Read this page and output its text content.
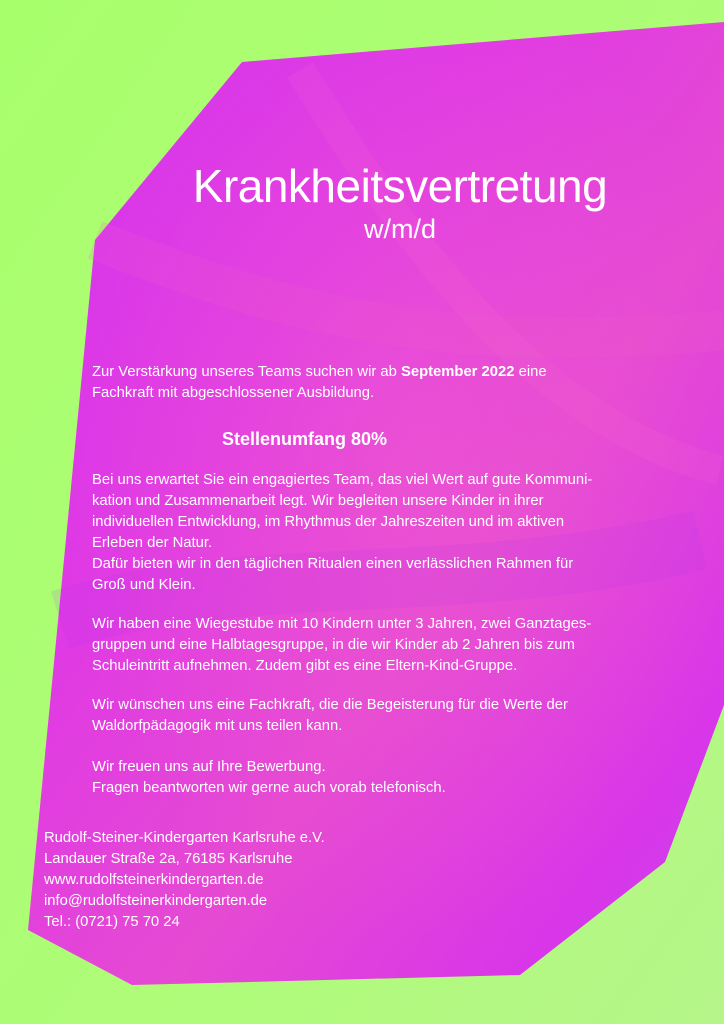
Krankheitsvertretung
w/m/d
Zur Verstärkung unseres Teams suchen wir ab September 2022 eine
Fachkraft mit abgeschlossener Ausbildung.
Stellenumfang 80%
Bei uns erwartet Sie ein engagiertes Team, das viel Wert auf gute Kommuni-
kation und Zusammenarbeit legt. Wir begleiten unsere Kinder in ihrer
individuellen Entwicklung, im Rhythmus der Jahreszeiten und im aktiven
Erleben der Natur.
Dafür bieten wir in den täglichen Ritualen einen verlässlichen Rahmen für
Groß und Klein.
Wir haben eine Wiegestube mit 10 Kindern unter 3 Jahren, zwei Ganztages-
gruppen und eine Halbtagesgruppe, in die wir Kinder ab 2 Jahren bis zum
Schuleintritt aufnehmen. Zudem gibt es eine Eltern-Kind-Gruppe.
Wir wünschen uns eine Fachkraft, die die Begeisterung für die Werte der
Waldorfpädagogik mit uns teilen kann.
Wir freuen uns auf Ihre Bewerbung.
Fragen beantworten wir gerne auch vorab telefonisch.
Rudolf-Steiner-Kindergarten Karlsruhe e.V.
Landauer Straße 2a, 76185 Karlsruhe
www.rudolfsteinerkindergarten.de
info@rudolfsteinerkindergarten.de
Tel.: (0721) 75 70 24
